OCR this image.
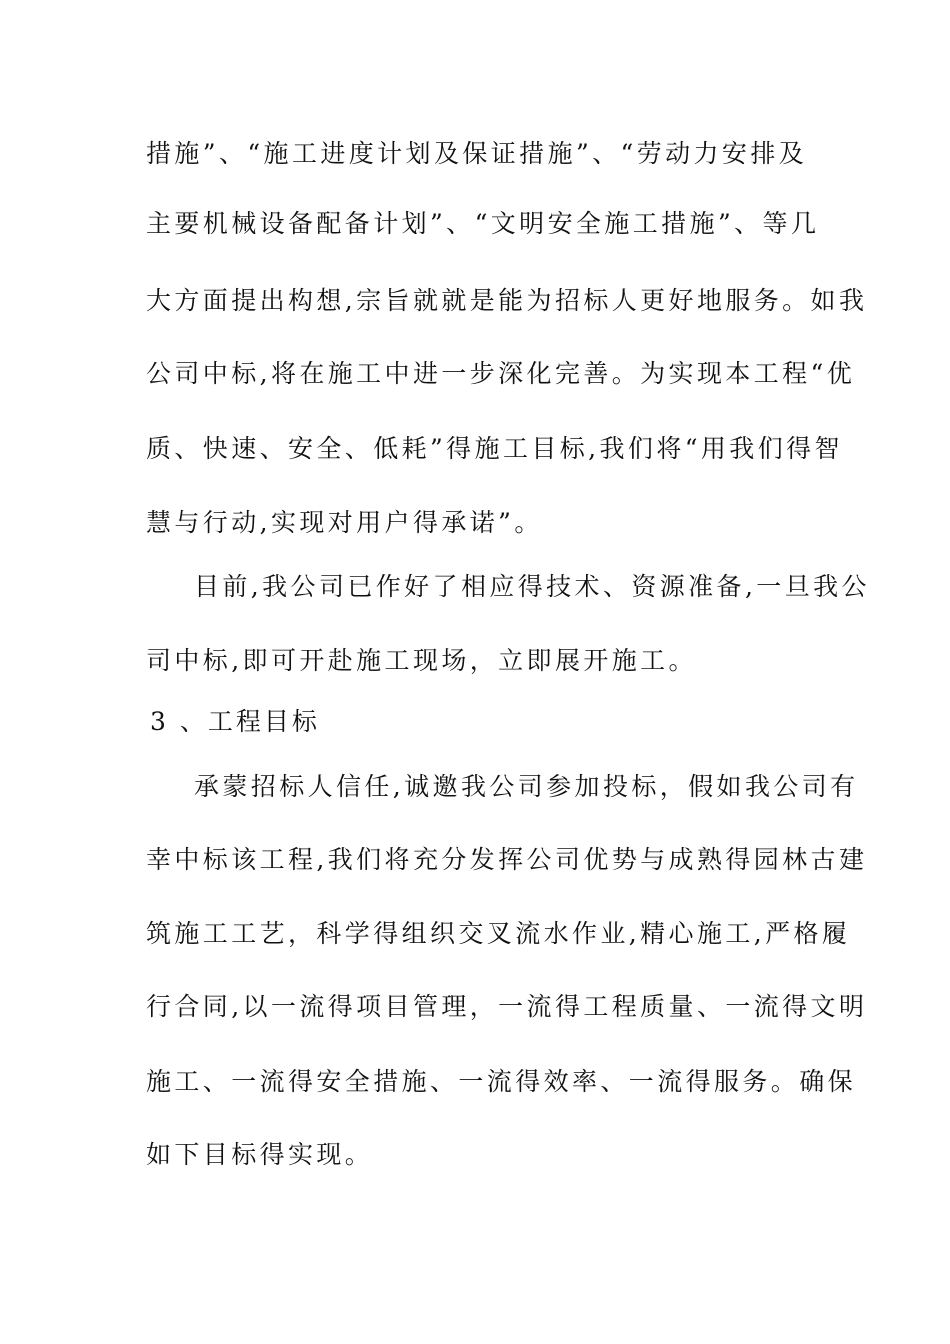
措施”、“施工进度计划及保证措施”、“劳动力安排及
主要机械设备配备计划”、“文明安全施工措施”、等几
大方面提出构想,宗旨就就是能为招标人更好地服务。如我
公司中标,将在施工中进一步深化完善。为实现本工程“优
质、快速、安全、低耗”得施工目标,我们将“用我们得智
慧与行动,实现对用户得承诺”。
目前,我公司已作好了相应得技术、资源准备,一旦我公
司中标,即可开赴施工现场，立即展开施工。
3 、工程目标
承蒙招标人信任,诚邀我公司参加投标，假如我公司有
幸中标该工程,我们将充分发挥公司优势与成熟得园林古建
筑施工工艺，科学得组织交叉流水作业,精心施工,严格履
行合同,以一流得项目管理，一流得工程质量、一流得文明
施工、一流得安全措施、一流得效率、一流得服务。确保
如下目标得实现。
